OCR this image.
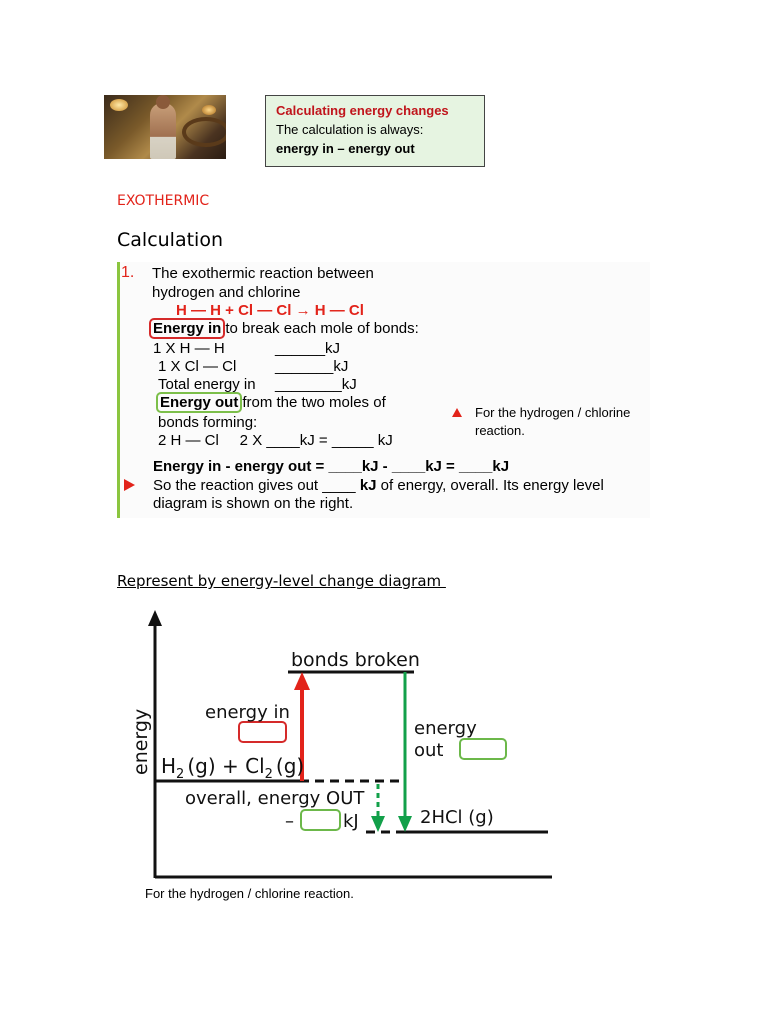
Calculating energy changes
The calculation is always:
energy in – energy out
EXOTHERMIC
Calculation
1. The exothermic reaction between
hydrogen and chlorine
H — H + Cl — Cl → H — Cl
Energy in to break each mole of bonds:
1 X H — H	______kJ
1 X Cl — Cl	_______kJ
Total energy in ________kJ
Energy out from the two moles of
bonds forming:
2 H — Cl     2 X ____kJ = _____ kJ
For the hydrogen / chlorine
reaction.
Energy in - energy out = ____kJ - ____kJ = ____kJ
So the reaction gives out ____ kJ of energy, overall. Its energy level
diagram is shown on the right.
Represent by energy-level change diagram
energy
bonds broken
energy in
energy
out
$H_2$ $(g) + Cl_2$ (g)
overall, energy OUT
–	kJ	2HCl (g)
For the hydrogen / chlorine reaction.
